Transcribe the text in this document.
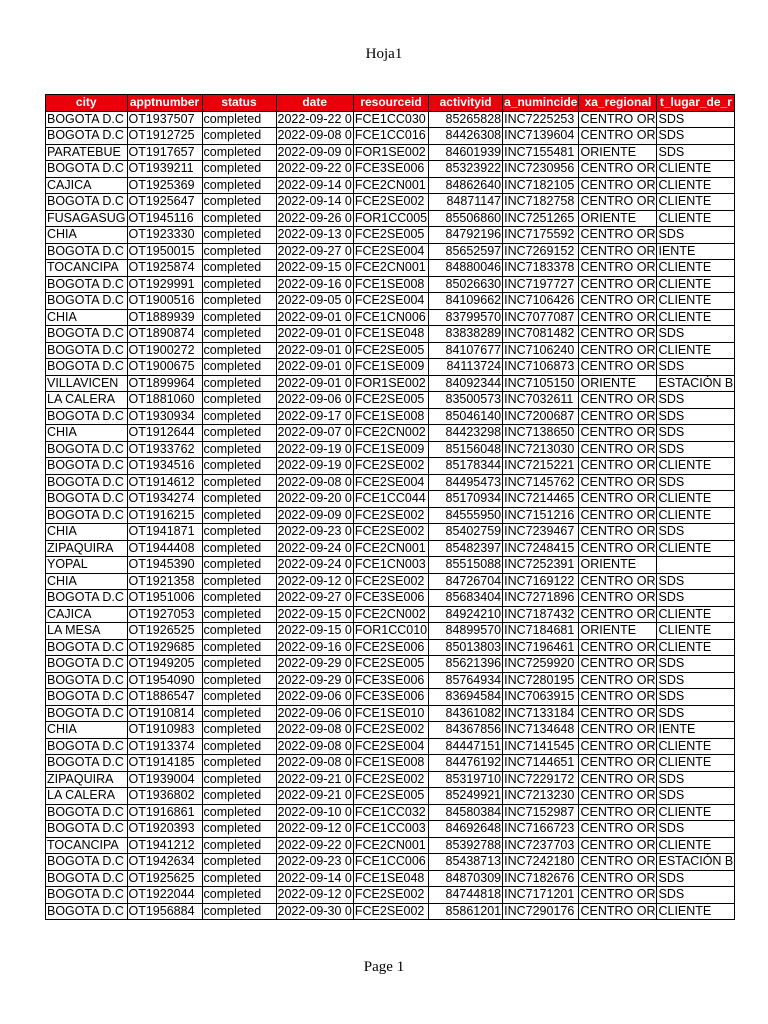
Hoja1
city	apptnumber	status	date	resourceid	activityid	a_numincide	xa_regional	t_lugar_de_r
BOGOTA D.C	OT1937507	completed	2022-09-22 0	FCE1CC030	85265828	INC7225253	CENTRO OR	SDS
BOGOTA D.C	OT1912725	completed	2022-09-08 0	FCE1CC016	84426308	INC7139604	CENTRO OR	SDS
PARATEBUE	OT1917657	completed	2022-09-09 0	FOR1SE002	84601939	INC7155481	ORIENTE	SDS
BOGOTA D.C	OT1939211	completed	2022-09-22 0	FCE3SE006	85323922	INC7230956	CENTRO OR	CLIENTE
CAJICA	OT1925369	completed	2022-09-14 0	FCE2CN001	84862640	INC7182105	CENTRO OR	CLIENTE
BOGOTA D.C	OT1925647	completed	2022-09-14 0	FCE2SE002	84871147	INC7182758	CENTRO OR	CLIENTE
FUSAGASUG	OT1945116	completed	2022-09-26 0	FOR1CC005	85506860	INC7251265	ORIENTE	CLIENTE
CHIA	OT1923330	completed	2022-09-13 0	FCE2SE005	84792196	INC7175592	CENTRO OR	SDS
BOGOTA D.C	OT1950015	completed	2022-09-27 0	FCE2SE004	85652597	INC7269152	CENTRO OR	IENTE
TOCANCIPA	OT1925874	completed	2022-09-15 0	FCE2CN001	84880046	INC7183378	CENTRO OR	CLIENTE
BOGOTA D.C	OT1929991	completed	2022-09-16 0	FCE1SE008	85026630	INC7197727	CENTRO OR	CLIENTE
BOGOTA D.C	OT1900516	completed	2022-09-05 0	FCE2SE004	84109662	INC7106426	CENTRO OR	CLIENTE
CHIA	OT1889939	completed	2022-09-01 0	FCE1CN006	83799570	INC7077087	CENTRO OR	CLIENTE
BOGOTA D.C	OT1890874	completed	2022-09-01 0	FCE1SE048	83838289	INC7081482	CENTRO OR	SDS
BOGOTA D.C	OT1900272	completed	2022-09-01 0	FCE2SE005	84107677	INC7106240	CENTRO OR	CLIENTE
BOGOTA D.C	OT1900675	completed	2022-09-01 0	FCE1SE009	84113724	INC7106873	CENTRO OR	SDS
VILLAVICEN	OT1899964	completed	2022-09-01 0	FOR1SE002	84092344	INC7105150	ORIENTE	ESTACIÓN B
LA CALERA	OT1881060	completed	2022-09-06 0	FCE2SE005	83500573	INC7032611	CENTRO OR	SDS
BOGOTA D.C	OT1930934	completed	2022-09-17 0	FCE1SE008	85046140	INC7200687	CENTRO OR	SDS
CHIA	OT1912644	completed	2022-09-07 0	FCE2CN002	84423298	INC7138650	CENTRO OR	SDS
BOGOTA D.C	OT1933762	completed	2022-09-19 0	FCE1SE009	85156048	INC7213030	CENTRO OR	SDS
BOGOTA D.C	OT1934516	completed	2022-09-19 0	FCE2SE002	85178344	INC7215221	CENTRO OR	CLIENTE
BOGOTA D.C	OT1914612	completed	2022-09-08 0	FCE2SE004	84495473	INC7145762	CENTRO OR	SDS
BOGOTA D.C	OT1934274	completed	2022-09-20 0	FCE1CC044	85170934	INC7214465	CENTRO OR	CLIENTE
BOGOTA D.C	OT1916215	completed	2022-09-09 0	FCE2SE002	84555950	INC7151216	CENTRO OR	CLIENTE
CHIA	OT1941871	completed	2022-09-23 0	FCE2SE002	85402759	INC7239467	CENTRO OR	SDS
ZIPAQUIRA	OT1944408	completed	2022-09-24 0	FCE2CN001	85482397	INC7248415	CENTRO OR	CLIENTE
YOPAL	OT1945390	completed	2022-09-24 0	FCE1CN003	85515088	INC7252391	ORIENTE	
CHIA	OT1921358	completed	2022-09-12 0	FCE2SE002	84726704	INC7169122	CENTRO OR	SDS
BOGOTA D.C	OT1951006	completed	2022-09-27 0	FCE3SE006	85683404	INC7271896	CENTRO OR	SDS
CAJICA	OT1927053	completed	2022-09-15 0	FCE2CN002	84924210	INC7187432	CENTRO OR	CLIENTE
LA MESA	OT1926525	completed	2022-09-15 0	FOR1CC010	84899570	INC7184681	ORIENTE	CLIENTE
BOGOTA D.C	OT1929685	completed	2022-09-16 0	FCE2SE006	85013803	INC7196461	CENTRO OR	CLIENTE
BOGOTA D.C	OT1949205	completed	2022-09-29 0	FCE2SE005	85621396	INC7259920	CENTRO OR	SDS
BOGOTA D.C	OT1954090	completed	2022-09-29 0	FCE3SE006	85764934	INC7280195	CENTRO OR	SDS
BOGOTA D.C	OT1886547	completed	2022-09-06 0	FCE3SE006	83694584	INC7063915	CENTRO OR	SDS
BOGOTA D.C	OT1910814	completed	2022-09-06 0	FCE1SE010	84361082	INC7133184	CENTRO OR	SDS
CHIA	OT1910983	completed	2022-09-08 0	FCE2SE002	84367856	INC7134648	CENTRO OR	IENTE
BOGOTA D.C	OT1913374	completed	2022-09-08 0	FCE2SE004	84447151	INC7141545	CENTRO OR	CLIENTE
BOGOTA D.C	OT1914185	completed	2022-09-08 0	FCE1SE008	84476192	INC7144651	CENTRO OR	CLIENTE
ZIPAQUIRA	OT1939004	completed	2022-09-21 0	FCE2SE002	85319710	INC7229172	CENTRO OR	SDS
LA CALERA	OT1936802	completed	2022-09-21 0	FCE2SE005	85249921	INC7213230	CENTRO OR	SDS
BOGOTA D.C	OT1916861	completed	2022-09-10 0	FCE1CC032	84580384	INC7152987	CENTRO OR	CLIENTE
BOGOTA D.C	OT1920393	completed	2022-09-12 0	FCE1CC003	84692648	INC7166723	CENTRO OR	SDS
TOCANCIPA	OT1941212	completed	2022-09-22 0	FCE2CN001	85392788	INC7237703	CENTRO OR	CLIENTE
BOGOTA D.C	OT1942634	completed	2022-09-23 0	FCE1CC006	85438713	INC7242180	CENTRO OR	ESTACIÓN B
BOGOTA D.C	OT1925625	completed	2022-09-14 0	FCE1SE048	84870309	INC7182676	CENTRO OR	SDS
BOGOTA D.C	OT1922044	completed	2022-09-12 0	FCE2SE002	84744818	INC7171201	CENTRO OR	SDS
BOGOTA D.C	OT1956884	completed	2022-09-30 0	FCE2SE002	85861201	INC7290176	CENTRO OR	CLIENTE
Page 1
